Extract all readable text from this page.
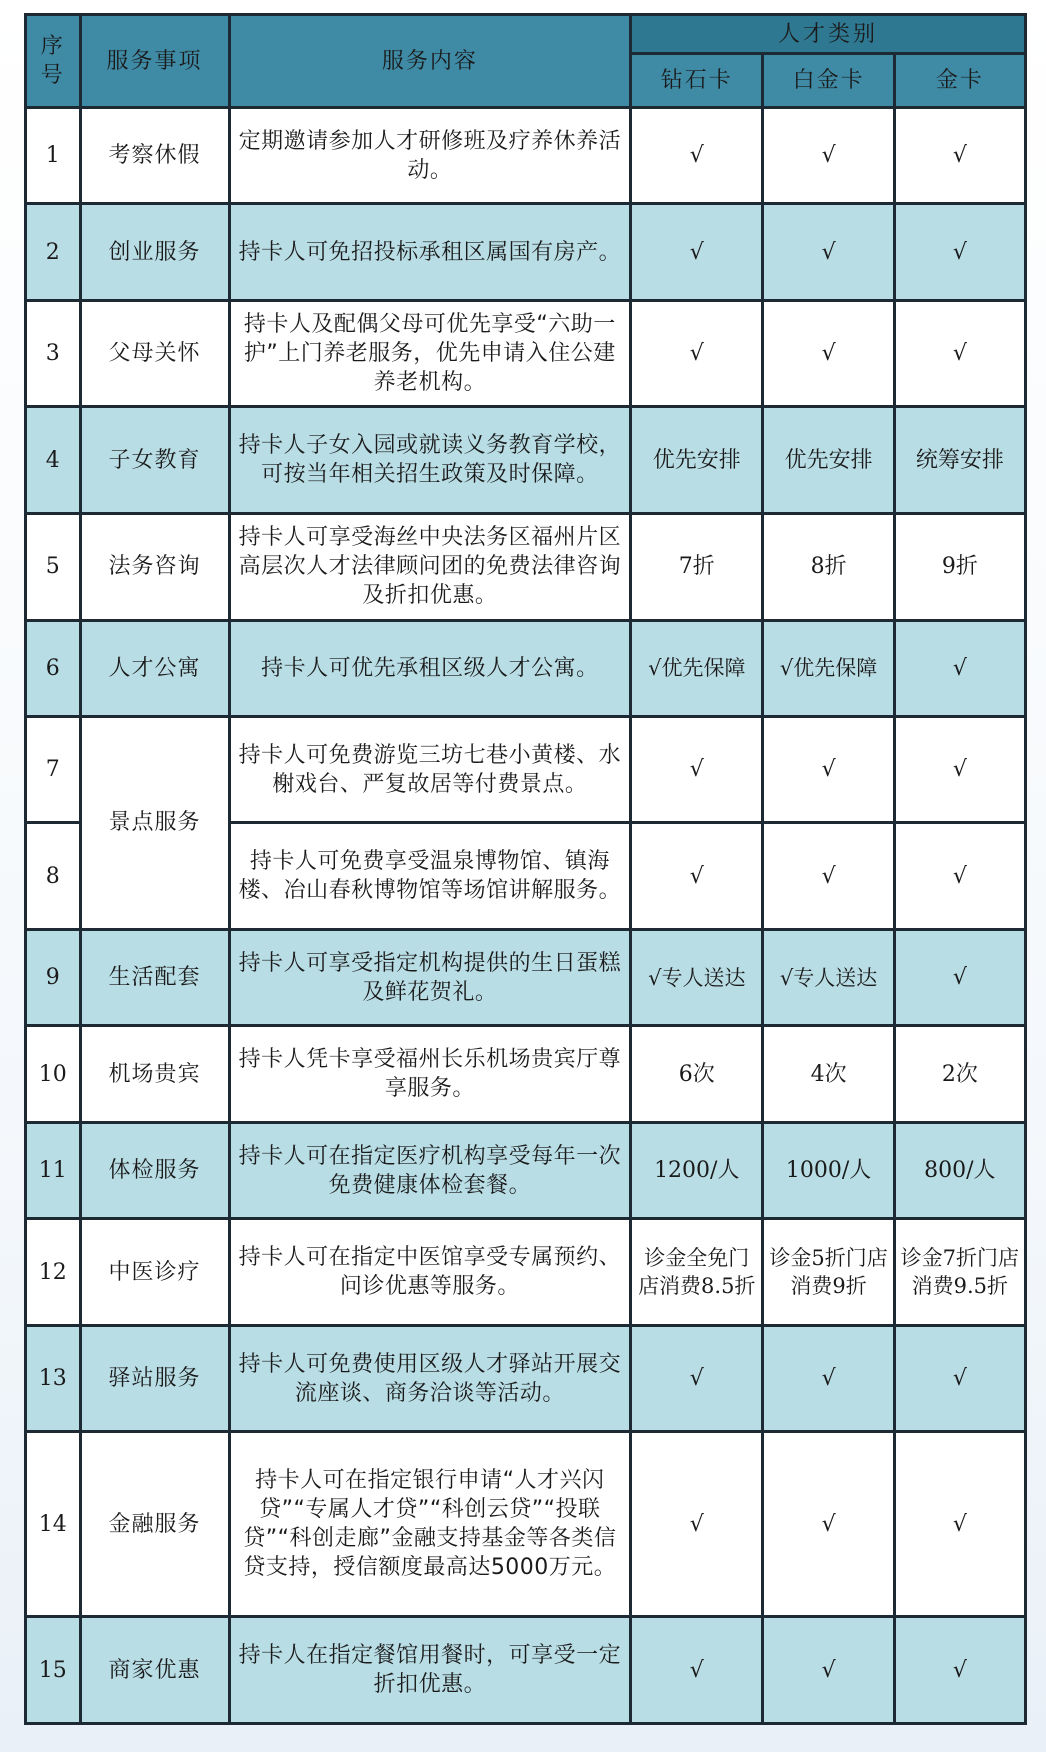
序号	服务事项	服务内容	人才类别		
			钻石卡	白金卡	金卡
1	考察休假	定期邀请参加人才研修班及疗养休养活动。	√	√	√
2	创业服务	持卡人可免招投标承租区属国有房产。	√	√	√
3	父母关怀	持卡人及配偶父母可优先享受“六助一护”上门养老服务，优先申请入住公建养老机构。	√	√	√
4	子女教育	持卡人子女入园或就读义务教育学校，可按当年相关招生政策及时保障。	优先安排	优先安排	统筹安排
5	法务咨询	持卡人可享受海丝中央法务区福州片区高层次人才法律顾问团的免费法律咨询及折扣优惠。	7折	8折	9折
6	人才公寓	持卡人可优先承租区级人才公寓。	√优先保障	√优先保障	√
7	景点服务	持卡人可免费游览三坊七巷小黄楼、水榭戏台、严复故居等付费景点。	√	√	√
8		持卡人可免费享受温泉博物馆、镇海楼、冶山春秋博物馆等场馆讲解服务。	√	√	√
9	生活配套	持卡人可享受指定机构提供的生日蛋糕及鲜花贺礼。	√专人送达	√专人送达	√
10	机场贵宾	持卡人凭卡享受福州长乐机场贵宾厅尊享服务。	6次	4次	2次
11	体检服务	持卡人可在指定医疗机构享受每年一次免费健康体检套餐。	1200/人	1000/人	800/人
12	中医诊疗	持卡人可在指定中医馆享受专属预约、问诊优惠等服务。	诊金全免门店消费8.5折	诊金5折门店消费9折	诊金7折门店消费9.5折
13	驿站服务	持卡人可免费使用区级人才驿站开展交流座谈、商务洽谈等活动。	√	√	√
14	金融服务	持卡人可在指定银行申请“人才兴闪贷”“专属人才贷”“科创云贷”“投联贷”“科创走廊”金融支持基金等各类信贷支持，授信额度最高达5000万元。	√	√	√
15	商家优惠	持卡人在指定餐馆用餐时，可享受一定折扣优惠。	√	√	√
